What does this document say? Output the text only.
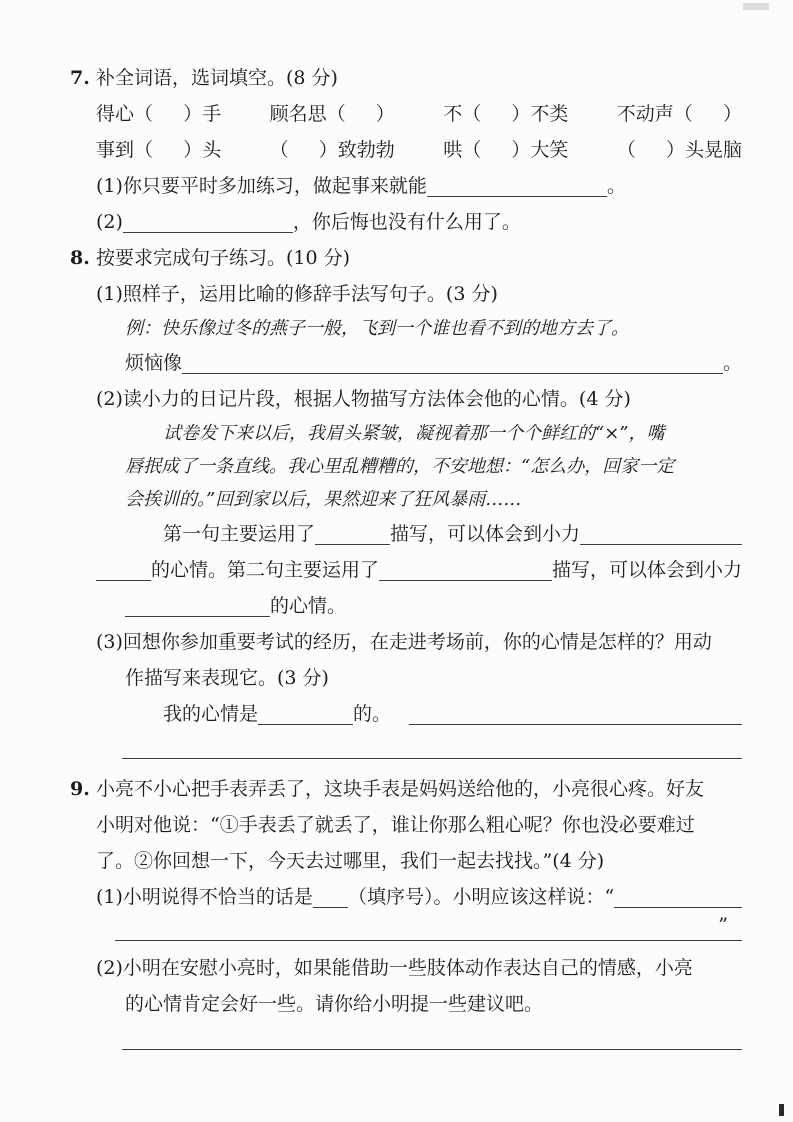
7. 补全词语，选词填空。(8 分)
得心（     ）手	顾名思（     ）	不（     ）不类	不动声（     ）
事到（     ）头	（     ）致勃勃	哄（     ）大笑	（     ）头晃脑
(1) 你只要平时多加练习，做起事来就能	。
(2)	，你后悔也没有什么用了。
8. 按要求完成句子练习。(10 分)
(1) 照样子，运用比喻的修辞手法写句子。(3 分)
例：快乐像过冬的燕子一般，飞到一个谁也看不到的地方去了。
烦恼像	。
(2) 读小力的日记片段，根据人物描写方法体会他的心情。(4 分)
试卷发下来以后，我眉头紧皱，凝视着那一个个鲜红的“×”，嘴
唇抿成了一条直线。我心里乱糟糟的，不安地想：“怎么办，回家一定
会挨训的。”回到家以后，果然迎来了狂风暴雨……
第一句主要运用了	描写，可以体会到小力
的心情。第二句主要运用了	描写，可以体会到小力
的心情。
(3) 回想你参加重要考试的经历，在走进考场前，你的心情是怎样的？用动
作描写来表现它。(3 分)
我的心情是	的。
9. 小亮不小心把手表弄丢了，这块手表是妈妈送给他的，小亮很心疼。好友
小明对他说：“①手表丢了就丢了，谁让你那么粗心呢？你也没必要难过
了。②你回想一下，今天去过哪里，我们一起去找找。”(4 分)
(1) 小明说得不恰当的话是 （填序号）。小明应该这样说：“
”
(2) 小明在安慰小亮时，如果能借助一些肢体动作表达自己的情感，小亮
的心情肯定会好一些。请你给小明提一些建议吧。
